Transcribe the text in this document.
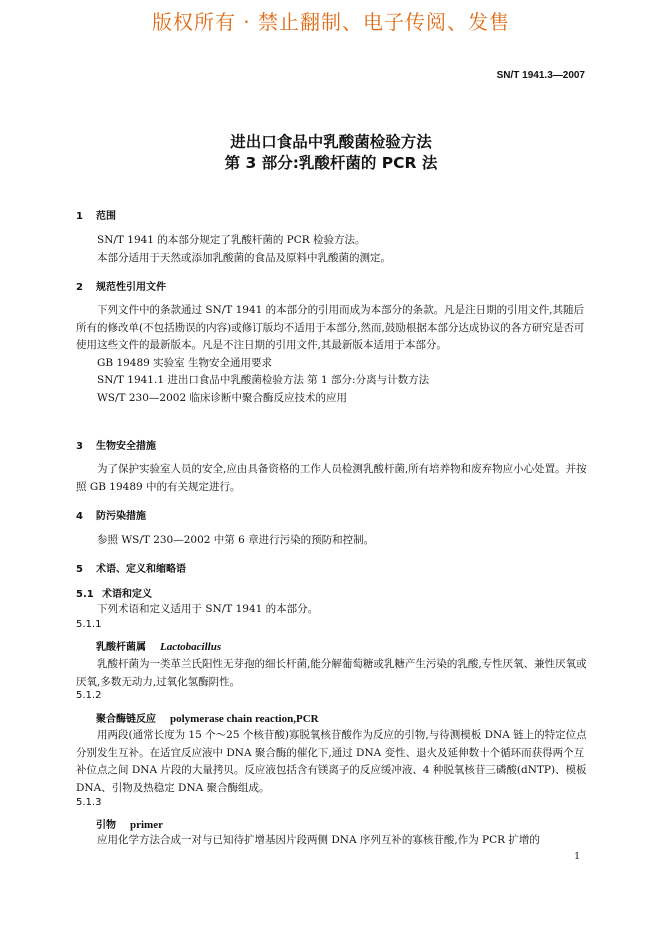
版权所有 · 禁止翻制、电子传阅、发售
SN/T 1941.3—2007
进出口食品中乳酸菌检验方法
第 3 部分:乳酸杆菌的 PCR 法
1 范围
SN/T 1941 的本部分规定了乳酸杆菌的 PCR 检验方法。
本部分适用于天然或添加乳酸菌的食品及原料中乳酸菌的测定。
2 规范性引用文件
下列文件中的条款通过 SN/T 1941 的本部分的引用而成为本部分的条款。凡是注日期的引用文件,其随后所有的修改单(不包括勘误的内容)或修订版均不适用于本部分,然而,鼓励根据本部分达成协议的各方研究是否可使用这些文件的最新版本。凡是不注日期的引用文件,其最新版本适用于本部分。
GB 19489 实验室 生物安全通用要求
SN/T 1941.1 进出口食品中乳酸菌检验方法 第 1 部分:分离与计数方法
WS/T 230—2002 临床诊断中聚合酶反应技术的应用
3 生物安全措施
为了保护实验室人员的安全,应由具备资格的工作人员检测乳酸杆菌,所有培养物和废弃物应小心处置。并按照 GB 19489 中的有关规定进行。
4 防污染措施
参照 WS/T 230—2002 中第 6 章进行污染的预防和控制。
5 术语、定义和缩略语
5.1 术语和定义
下列术语和定义适用于 SN/T 1941 的本部分。
5.1.1
乳酸杆菌属 Lactobacillus
乳酸杆菌为一类革兰氏阳性无芽孢的细长杆菌,能分解葡萄糖或乳糖产生污染的乳酸,专性厌氧、兼性厌氧或厌氧,多数无动力,过氧化氢酶阴性。
5.1.2
聚合酶链反应 polymerase chain reaction,PCR
用两段(通常长度为 15 个～25 个核苷酸)寡脱氧核苷酸作为反应的引物,与待测模板 DNA 链上的特定位点分别发生互补。在适宜反应液中 DNA 聚合酶的催化下,通过 DNA 变性、退火及延伸数十个循环而获得两个互补位点之间 DNA 片段的大量拷贝。反应液包括含有镁离子的反应缓冲液、4 种脱氧核苷三磷酸(dNTP)、模板 DNA、引物及热稳定 DNA 聚合酶组成。
5.1.3
引物 primer
应用化学方法合成一对与已知待扩增基因片段两侧 DNA 序列互补的寡核苷酸,作为 PCR 扩增的
1
